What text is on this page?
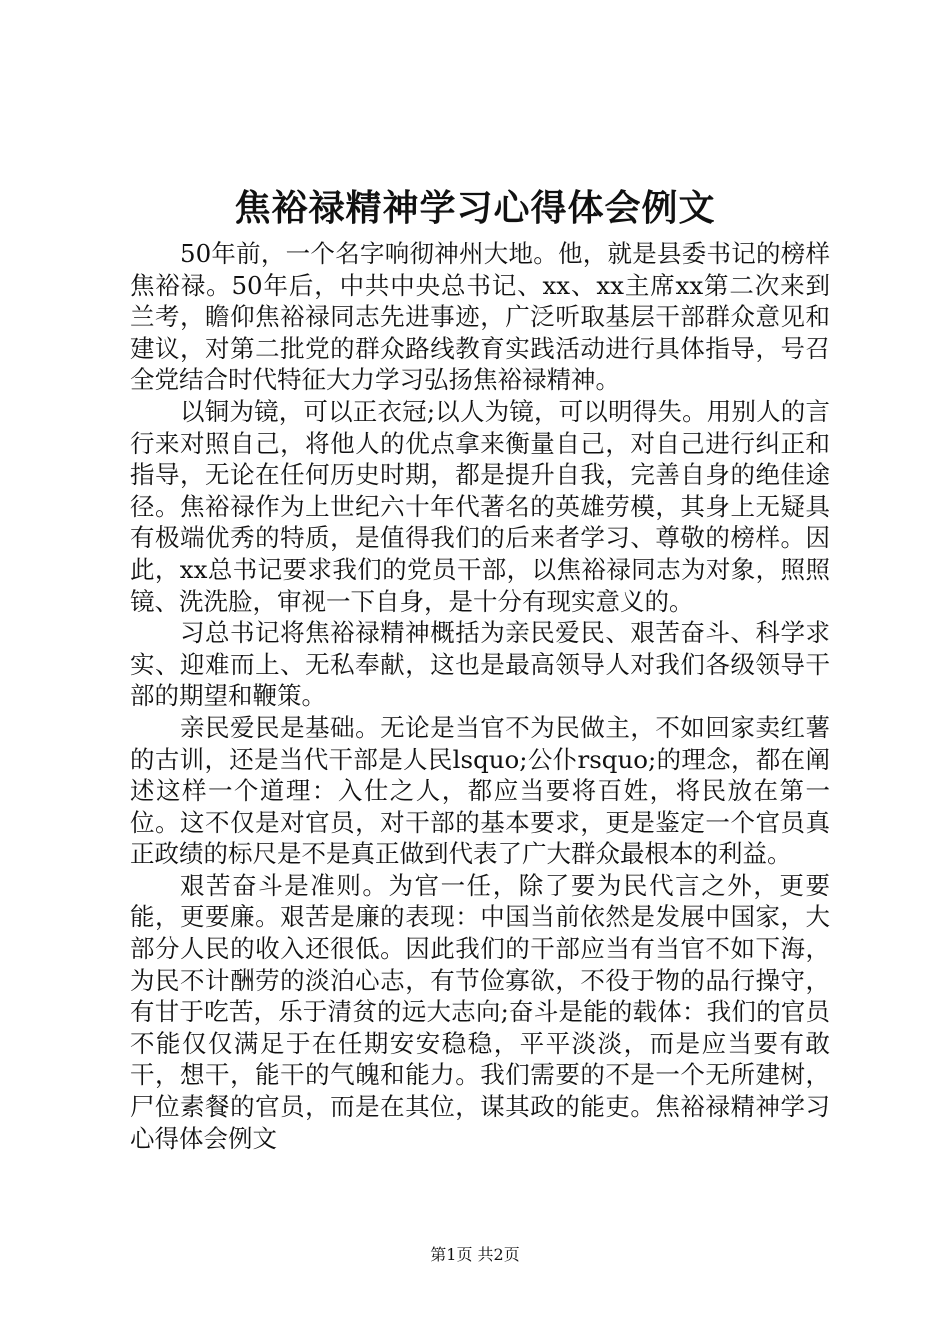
焦裕禄精神学习心得体会例文

50年前，一个名字响彻神州大地。他，就是县委书记的榜样焦裕禄。50年后，中共中央总书记、xx、xx主席xx第二次来到兰考，瞻仰焦裕禄同志先进事迹，广泛听取基层干部群众意见和建议，对第二批党的群众路线教育实践活动进行具体指导，号召全党结合时代特征大力学习弘扬焦裕禄精神。

以铜为镜，可以正衣冠;以人为镜，可以明得失。用别人的言行来对照自己，将他人的优点拿来衡量自己，对自己进行纠正和指导，无论在任何历史时期，都是提升自我，完善自身的绝佳途径。焦裕禄作为上世纪六十年代著名的英雄劳模，其身上无疑具有极端优秀的特质，是值得我们的后来者学习、尊敬的榜样。因此，xx总书记要求我们的党员干部，以焦裕禄同志为对象，照照镜、洗洗脸，审视一下自身，是十分有现实意义的。

习总书记将焦裕禄精神概括为亲民爱民、艰苦奋斗、科学求实、迎难而上、无私奉献，这也是最高领导人对我们各级领导干部的期望和鞭策。

亲民爱民是基础。无论是当官不为民做主，不如回家卖红薯的古训，还是当代干部是人民lsquo;公仆rsquo;的理念，都在阐述这样一个道理：入仕之人，都应当要将百姓，将民放在第一位。这不仅是对官员，对干部的基本要求，更是鉴定一个官员真正政绩的标尺是不是真正做到代表了广大群众最根本的利益。

艰苦奋斗是准则。为官一任，除了要为民代言之外，更要能，更要廉。艰苦是廉的表现：中国当前依然是发展中国家，大部分人民的收入还很低。因此我们的干部应当有当官不如下海，为民不计酬劳的淡泊心志，有节俭寡欲，不役于物的品行操守，有甘于吃苦，乐于清贫的远大志向;奋斗是能的载体：我们的官员不能仅仅满足于在任期安安稳稳，平平淡淡，而是应当要有敢干，想干，能干的气魄和能力。我们需要的不是一个无所建树，尸位素餐的官员，而是在其位，谋其政的能吏。焦裕禄精神学习心得体会例文

第1页 共2页
